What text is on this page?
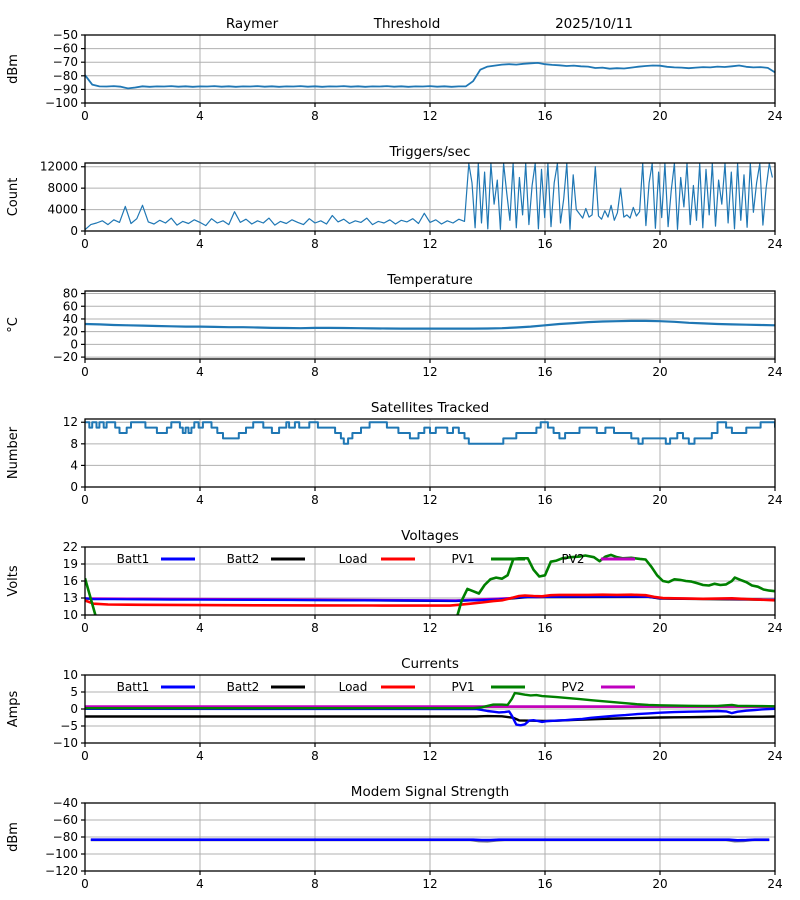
0	4	8	12	16	20	24
−100
−90
−80
−70
−60
−50
dBm
Raymer	Threshold	2025/10/11
0	4	8	12	16	20	24
0
4000
8000
12000
Count
Triggers/sec
0	4	8	12	16	20	24
−20
0
20
40
60
80
°C
Temperature
0	4	8	12	16	20	24
0
4
8
12
Number
Satellites Tracked
0	4	8	12	16	20	24
10
13
16
19
22
Volts
Voltages
Batt1	Batt2	Load	PV1	PV2
0	4	8	12	16	20	24
−10
−5
0
5
10
Amps
Currents
Batt1	Batt2	Load	PV1	PV2
0	4	8	12	16	20	24
−120
−100
−80
−60
−40
dBm
Modem Signal Strength
